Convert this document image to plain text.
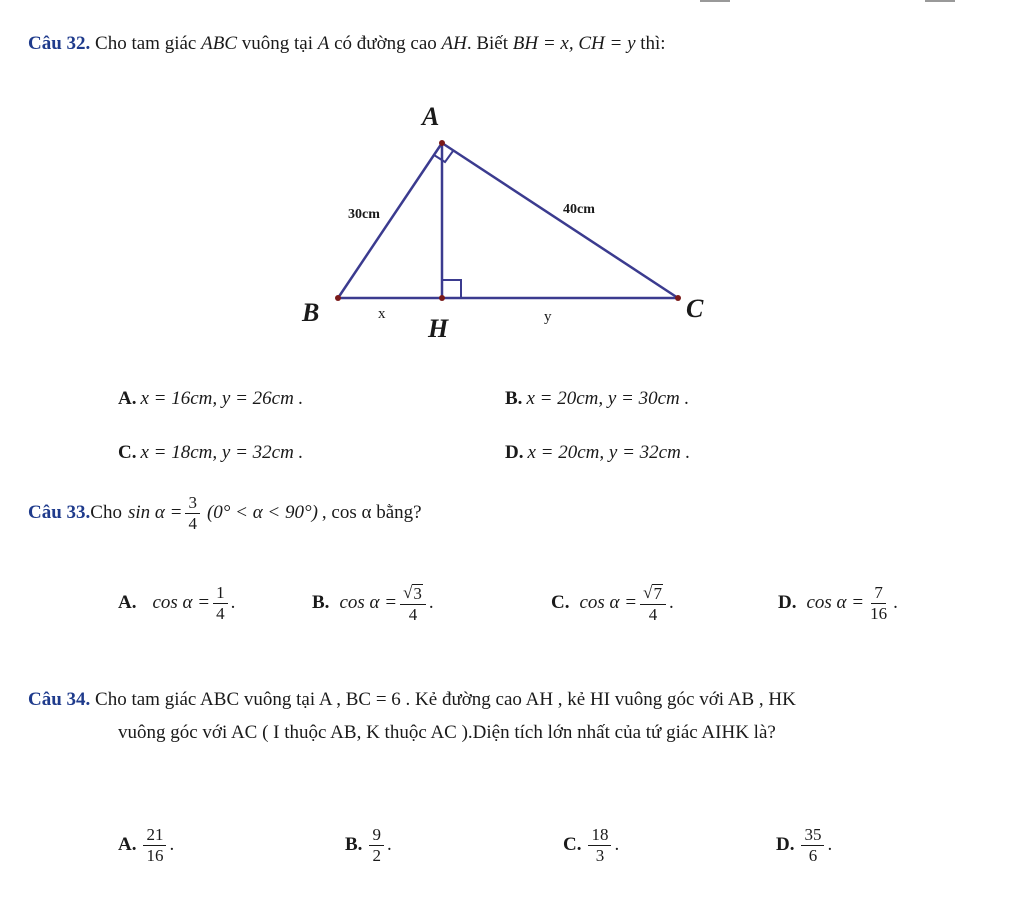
Câu 32. Cho tam giác ABC vuông tại A có đường cao AH. Biết BH = x, CH = y thì:
A
B
H
C
30cm	40cm
x	y
A. x = 16cm, y = 26cm .	B. x = 20cm, y = 30cm .
C. x = 18cm, y = 32cm .	D. x = 20cm, y = 32cm .
Câu 33. Cho $\sin \alpha = \frac{3}{4} (0^\circ < \alpha < 90^\circ)$ , cos α bằng?
A. $\cos \alpha = \frac{1}{4}$ .	B. $\cos \alpha = \frac{√ 3}{4}$ .	C. $\cos \alpha = \frac{√ 7}{4}$ .	D. $\cos \alpha = \frac{7}{16}$ .
Câu 34. Cho tam giác ABC vuông tại A , BC = 6 . Kẻ đường cao AH , kẻ HI vuông góc với AB , HK
vuông góc với AC ( I thuộc AB, K thuộc AC ).Diện tích lớn nhất của tứ giác AIHK là?
A. $\frac{21}{16}$ .	B. $\frac{9}{2}$ .	C. $\frac{18}{3}$ .	D. $\frac{35}{6}$ .
